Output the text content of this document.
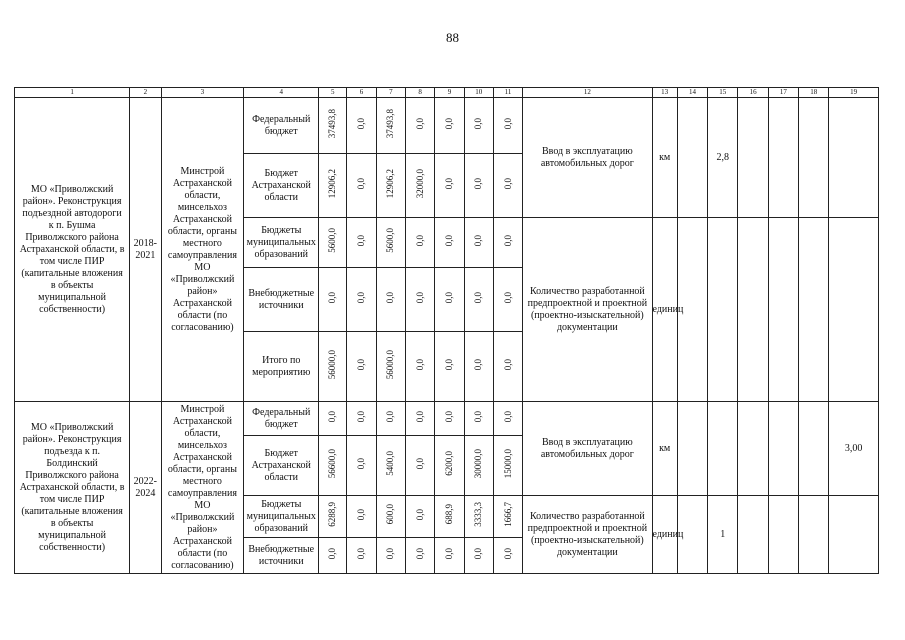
88
1	2	3	4	5	6	7	8	9	10	11	12	13	14	15	16	17	18	19
МО «Приволжский район». Реконструкция подъездной автодороги к п. Бушма Приволжского района Астраханской области, в том числе ПИР (капитальные вложения в объекты муниципальной собственности)	2018-2021	Минстрой Астраханской области, минсельхоз Астраханской области, органы местного самоуправления МО «Приволжский район» Астраханской области (по согласованию)	Федеральный бюджет	37493,8	0,0	37493,8	0,0	0,0	0,0	0,0	Ввод в эксплуатацию автомобильных дорог	км		2,8				
			Бюджет Астраханской области	12906,2	0,0	12906,2	32000,0	0,0	0,0	0,0								
			Бюджеты муниципальных образований	5600,0	0,0	5600,0	0,0	0,0	0,0	0,0	Количество разработанной предпроектной и проектной (проектно-изыскательной) документации	единиц						
			Внебюджетные источники	0,0	0,0	0,0	0,0	0,0	0,0	0,0								
			Итого по мероприятию	56000,0	0,0	56000,0	0,0	0,0	0,0	0,0								
МО «Приволжский район». Реконструкция подъезда к п. Болдинский Приволжского района Астраханской области, в том числе ПИР (капитальные вложения в объекты муниципальной собственности)	2022-2024	Минстрой Астраханской области, минсельхоз Астраханской области, органы местного самоуправления МО «Приволжский район» Астраханской области (по согласованию)	Федеральный бюджет	0,0	0,0	0,0	0,0	0,0	0,0	0,0	Ввод в эксплуатацию автомобильных дорог	км						3,00
			Бюджет Астраханской области	56600,0	0,0	5400,0	0,0	6200,0	30000,0	15000,0								
			Бюджеты муниципальных образований	6288,9	0,0	600,0	0,0	688,9	3333,3	1666,7	Количество разработанной предпроектной и проектной (проектно-изыскательной) документации	единиц		1				
			Внебюджетные источники	0,0	0,0	0,0	0,0	0,0	0,0	0,0								
